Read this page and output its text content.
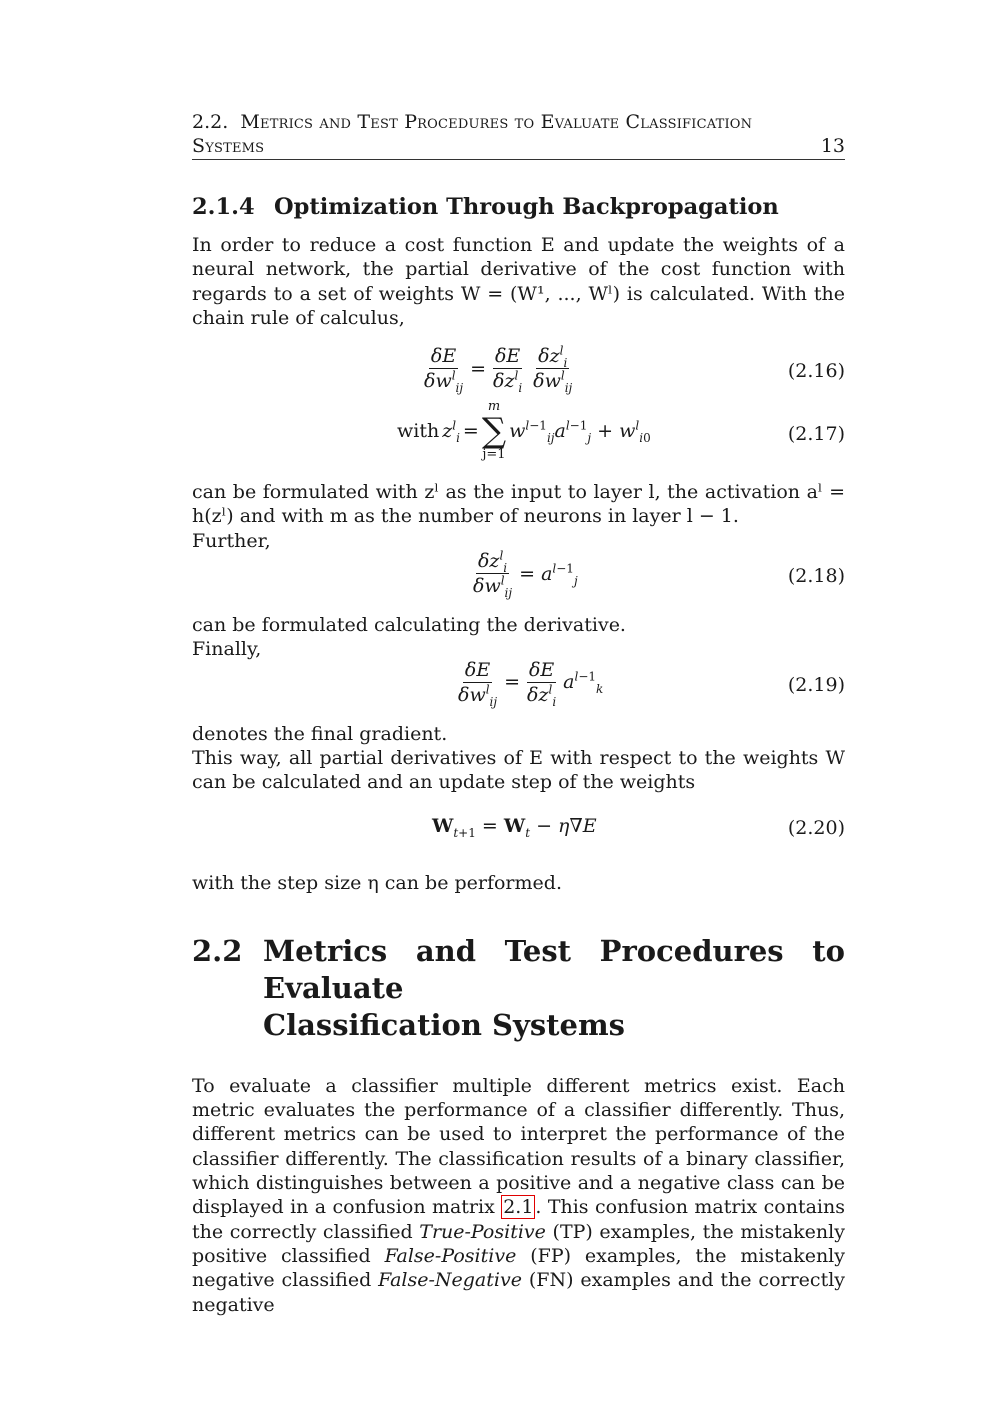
2.2. Metrics and Test Procedures to Evaluate Classification
Systems	13
2.1.4 Optimization Through Backpropagation

In order to reduce a cost function E and update the weights of a neural network, the partial derivative of the cost function with regards to a set of weights W = (W¹, ..., Wˡ) is calculated. With the chain rule of calculus,

$\frac{\delta E}{\delta w^l_{ij}} = \frac{\delta E}{\delta z^l_i} \frac{\delta z^l_i}{\delta w^l_{ij}}$	(2.16)
with $z^l_i$ =
m
∑
j=1
$w^{l-1}_{ij}a^{l-1}_j + w^l_{i0}$	(2.17)

can be formulated with zˡ as the input to layer l, the activation aˡ = h(zˡ) and with m as the number of neurons in layer l − 1.

Further,

$\frac{\delta z^l_i}{\delta w^l_{ij}} = a^{l-1}_j$	(2.18)

can be formulated calculating the derivative.

Finally,

$\frac{\delta E}{\delta w^l_{ij}} = \frac{\delta E}{\delta z^l_i} a^{l-1}_k$	(2.19)

denotes the final gradient.

This way, all partial derivatives of E with respect to the weights W can be calculated and an update step of the weights

$W_{t+1} = W_t - \eta\nabla E$	(2.20)

with the step size η can be performed.

2.2 Metrics and Test Procedures to Evaluate
Classification Systems

To evaluate a classifier multiple different metrics exist. Each metric evaluates the performance of a classifier differently. Thus, different metrics can be used to interpret the performance of the classifier differently. The classification results of a binary classifier, which distinguishes between a positive and a negative class can be displayed in a confusion matrix 2.1 . This confusion matrix contains the correctly classified True-Positive (TP) examples, the mistakenly positive classified False-Positive (FP) examples, the mistakenly negative classified False-Negative (FN) examples and the correctly negative
